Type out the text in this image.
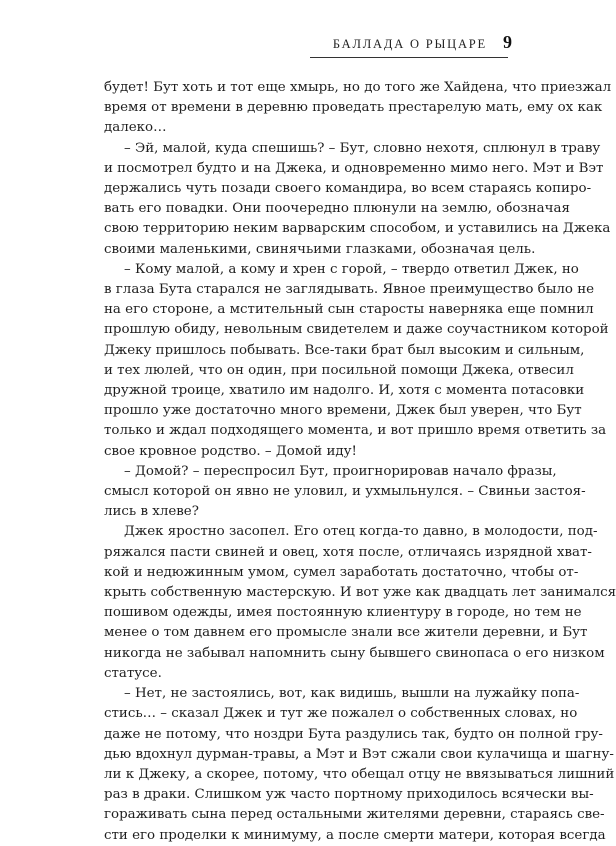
БАЛЛАДА О РЫЦАРЕ 9
будет! Бут хоть и тот еще хмырь, но до того же Хайдена, что приезжал
время от времени в деревню проведать престарелую мать, ему ох как
далеко…
– Эй, малой, куда спешишь? – Бут, словно нехотя, сплюнул в траву
и посмотрел будто и на Джека, и одновременно мимо него. Мэт и Вэт
держались чуть позади своего командира, во всем стараясь копиро-
вать его повадки. Они поочередно плюнули на землю, обозначая
свою территорию неким варварским способом, и уставились на Джека
своими маленькими, свинячьими глазками, обозначая цель.
– Кому малой, а кому и хрен с горой, – твердо ответил Джек, но
в глаза Бута старался не заглядывать. Явное преимущество было не
на его стороне, а мстительный сын старосты наверняка еще помнил
прошлую обиду, невольным свидетелем и даже соучастником которой
Джеку пришлось побывать. Все-таки брат был высоким и сильным,
и тех люлей, что он один, при посильной помощи Джека, отвесил
дружной троице, хватило им надолго. И, хотя с момента потасовки
прошло уже достаточно много времени, Джек был уверен, что Бут
только и ждал подходящего момента, и вот пришло время ответить за
свое кровное родство. – Домой иду!
– Домой? – переспросил Бут, проигнорировав начало фразы,
смысл которой он явно не уловил, и ухмыльнулся. – Свиньи застоя-
лись в хлеве?
Джек яростно засопел. Его отец когда-то давно, в молодости, под-
ряжался пасти свиней и овец, хотя после, отличаясь изрядной хват-
кой и недюжинным умом, сумел заработать достаточно, чтобы от-
крыть собственную мастерскую. И вот уже как двадцать лет занимался
пошивом одежды, имея постоянную клиентуру в городе, но тем не
менее о том давнем его промысле знали все жители деревни, и Бут
никогда не забывал напомнить сыну бывшего свинопаса о его низком
статусе.
– Нет, не застоялись, вот, как видишь, вышли на лужайку попа-
стись… – сказал Джек и тут же пожалел о собственных словах, но
даже не потому, что ноздри Бута раздулись так, будто он полной гру-
дью вдохнул дурман-травы, а Мэт и Вэт сжали свои кулачища и шагну-
ли к Джеку, а скорее, потому, что обещал отцу не ввязываться лишний
раз в драки. Слишком уж часто портному приходилось всячески вы-
гораживать сына перед остальными жителями деревни, стараясь све-
сти его проделки к минимуму, а после смерти матери, которая всегда
